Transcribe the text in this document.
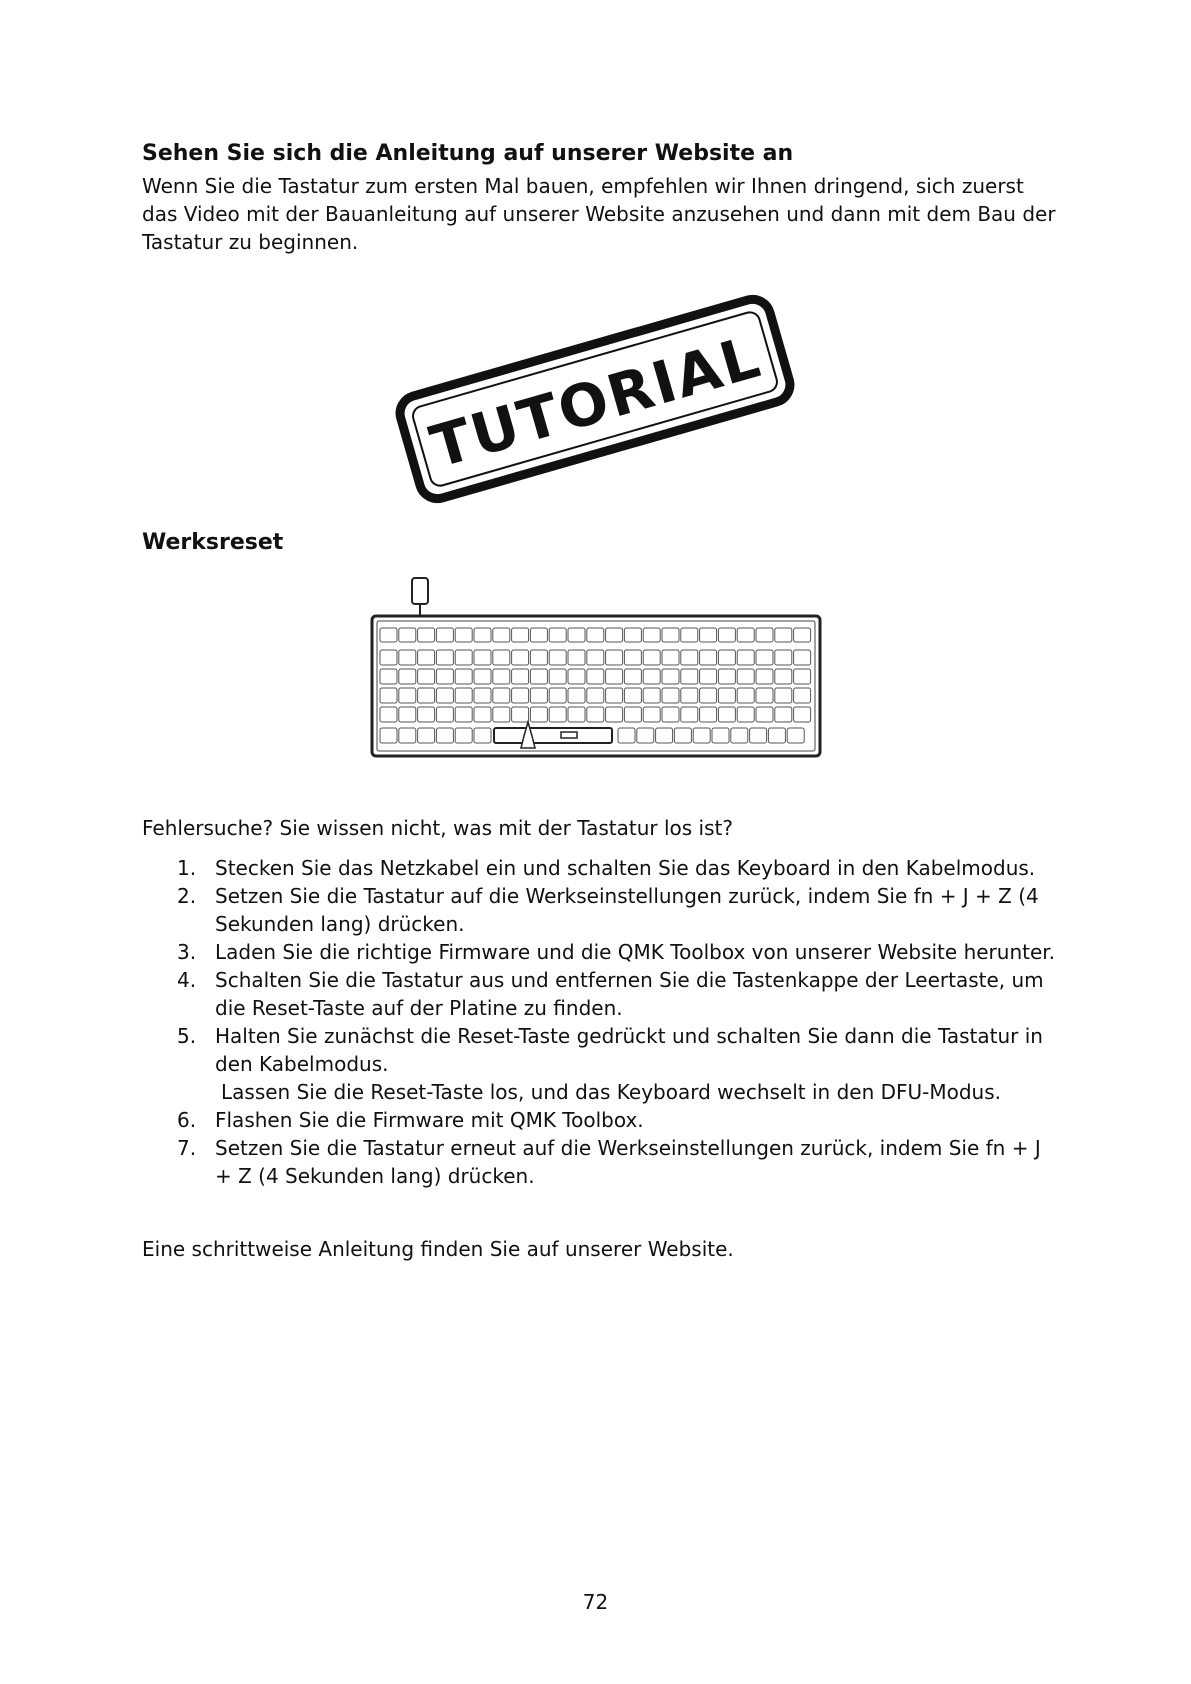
Sehen Sie sich die Anleitung auf unserer Website an

Wenn Sie die Tastatur zum ersten Mal bauen, empfehlen wir Ihnen dringend, sich zuerst das Video mit der Bauanleitung auf unserer Website anzusehen und dann mit dem Bau der Tastatur zu beginnen.

TUTORIAL
Werksreset

Fehlersuche? Sie wissen nicht, was mit der Tastatur los ist?

1. Stecken Sie das Netzkabel ein und schalten Sie das Keyboard in den Kabelmodus.
2. Setzen Sie die Tastatur auf die Werkseinstellungen zurück, indem Sie fn + J + Z (4 Sekunden lang) drücken.
3. Laden Sie die richtige Firmware und die QMK Toolbox von unserer Website herunter.
4. Schalten Sie die Tastatur aus und entfernen Sie die Tastenkappe der Leertaste, um die Reset-Taste auf der Platine zu finden.
5. Halten Sie zunächst die Reset-Taste gedrückt und schalten Sie dann die Tastatur in den Kabelmodus.
Lassen Sie die Reset-Taste los, und das Keyboard wechselt in den DFU-Modus.
6. Flashen Sie die Firmware mit QMK Toolbox.
7. Setzen Sie die Tastatur erneut auf die Werkseinstellungen zurück, indem Sie fn + J + Z (4 Sekunden lang) drücken.

Eine schrittweise Anleitung finden Sie auf unserer Website.

72
